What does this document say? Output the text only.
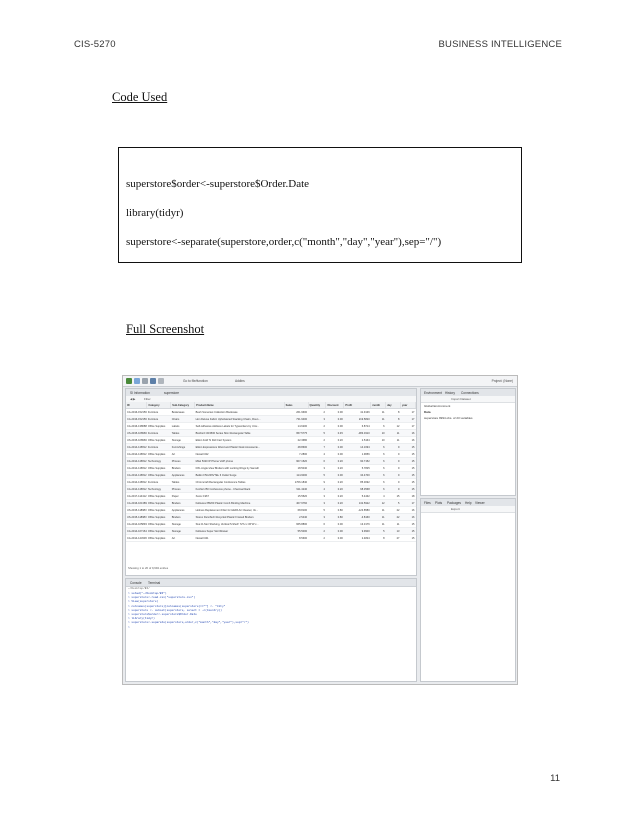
CIS-5270	BUSINESS INTELLIGENCE
Code Used
superstore$order<-superstore$Order.Date
library(tidyr)
superstore<-separate(superstore,order,c("month","day","year"),sep="/")
Full Screenshot
Go to file/function	Addins	Project: (None)
SI Information	superstore
◀ ▶	Filter
ID	Category	Sub.Category	Product.Name	Sales	Quantity	Discount	Profit	month	day	year
CA-2016-152156	Furniture	Bookcases	Bush Somerset Collection Bookcase	261.9600	2	0.00	41.9136	11	8	17
CA-2016-152156	Furniture	Chairs	Hon Deluxe Fabric Upholstered Stacking Chairs, Roun...	731.9400	3	0.00	219.5820	11	8	17
CA-2016-138688	Office Supplies	Labels	Self-Adhesive Address Labels for Typewriters by Univ...	14.6200	2	0.00	6.8714	6	12	17
US-2015-108966	Furniture	Tables	Bretford CR4500 Series Slim Rectangular Table	957.5775	5	0.45	-383.0310	10	11	16
US-2015-108966	Office Supplies	Storage	Eldon Fold 'N Roll Cart System	22.3680	2	0.20	2.5164	10	11	16
CA-2014-115812	Furniture	Furnishings	Eldon Expressions Wood and Plastic Desk Accessorie...	48.8600	7	0.00	14.1694	6	9	15
CA-2014-115812	Office Supplies	Art	Newell 322	7.2800	4	0.00	1.9656	6	9	15
CA-2014-115812	Technology	Phones	Mitel 5320 IP Phone VoIP phone	907.1520	6	0.20	90.7152	6	9	15
CA-2014-115812	Office Supplies	Binders	DXL Angle-View Binders with Locking Rings by Samsill	18.5040	3	0.20	5.7825	6	9	15
CA-2014-115812	Office Supplies	Appliances	Belkin F5C206VTEL 6 Outlet Surge	114.9000	5	0.00	34.4700	6	9	15
CA-2014-115812	Furniture	Tables	Chromcraft Rectangular Conference Tables	1706.1840	9	0.20	85.3092	6	9	15
CA-2014-115812	Technology	Phones	Konftel 250 Conference phone - Charcoal black	911.4240	4	0.20	68.3568	6	9	15
CA-2017-114412	Office Supplies	Paper	Xerox 1967	15.5520	3	0.20	5.4432	4	15	18
CA-2016-161389	Office Supplies	Binders	Fellowes PB200 Plastic Comb Binding Machine	407.9760	3	0.20	132.5922	12	5	17
US-2015-118983	Office Supplies	Appliances	Holmes Replacement Filter for HEPA Air Cleaner, Ve...	68.8100	5	0.80	-123.8580	11	22	16
US-2015-118983	Office Supplies	Binders	Storex DuraTech Recycled Plastic Frosted Binders	2.5440	3	0.80	-3.8160	11	22	16
CA-2014-105893	Office Supplies	Storage	Stur-D-Stor Shelving, Vertical 5-Shelf: 72"H x 36"W x...	665.8800	6	0.00	13.3176	11	11	15
CA-2014-167164	Office Supplies	Storage	Fellowes Super Stor/Drawer	55.5000	2	0.00	9.9900	5	13	15
CA-2014-143336	Office Supplies	Art	Newell 341	8.5600	2	0.00	2.4824	8	27	15
Showing 1 to 20 of 9,994 entries
Console Terminal
~/Desktop/BI/
> setwd("~/Desktop/BI")
> superstore<-read.csv("superstore.csv")
> View(superstore)
> colnames(superstore)[colnames(superstore)==""] <- "City"
> superstore <- subset(superstore, select = -c(Country))
> superstore$order<-superstore$Order.Date
> library(tidyr)
> superstore<-separate(superstore,order,c("month","day","year"),sep="/")
>
Environment History Connections
Import Dataset
Global Environment
Data
superstore 9994 obs. of 23 variables
Files Plots Packages Help Viewer
Export
11
